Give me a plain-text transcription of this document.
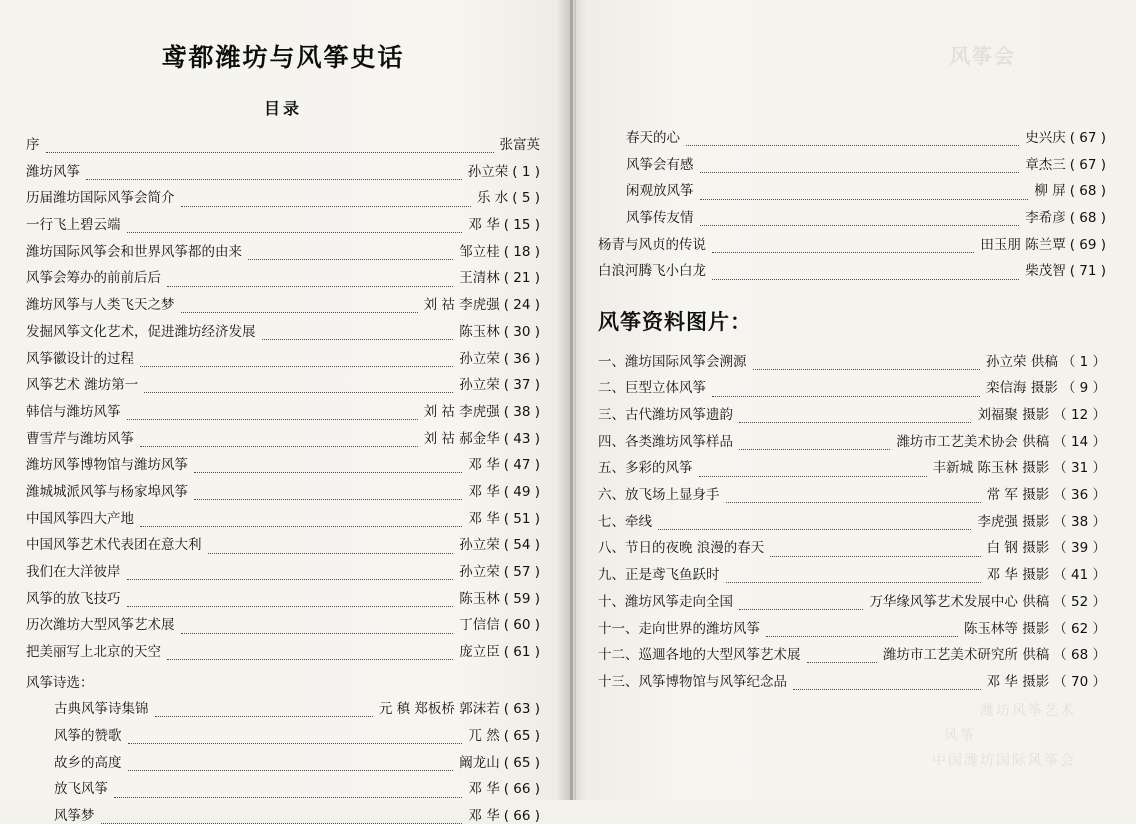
鸢都潍坊与风筝史话
目录
序	张富英
潍坊风筝	孙立荣 ( 1 )
历届潍坊国际风筝会简介	乐 水 ( 5 )
一行飞上碧云端	邓 华 ( 15 )
潍坊国际风筝会和世界风筝都的由来	邹立桂 ( 18 )
风筝会筹办的前前后后	王清林 ( 21 )
潍坊风筝与人类飞天之梦	刘 祜 李虎强 ( 24 )
发掘风筝文化艺术，促进潍坊经济发展	陈玉林 ( 30 )
风筝徽设计的过程	孙立荣 ( 36 )
风筝艺术 潍坊第一	孙立荣 ( 37 )
韩信与潍坊风筝	刘 祜 李虎强 ( 38 )
曹雪芹与潍坊风筝	刘 祜 郝金华 ( 43 )
潍坊风筝博物馆与潍坊风筝	邓 华 ( 47 )
潍城城派风筝与杨家埠风筝	邓 华 ( 49 )
中国风筝四大产地	邓 华 ( 51 )
中国风筝艺术代表团在意大利	孙立荣 ( 54 )
我们在大洋彼岸	孙立荣 ( 57 )
风筝的放飞技巧	陈玉林 ( 59 )
历次潍坊大型风筝艺术展	丁信信 ( 60 )
把美丽写上北京的天空	庞立臣 ( 61 )
风筝诗选：
古典风筝诗集锦	元 稹 郑板桥 郭沫若 ( 63 )
风筝的赞歌	兀 然 ( 65 )
故乡的高度	阚龙山 ( 65 )
放飞风筝	邓 华 ( 66 )
风筝梦	邓 华 ( 66 )
风筝会
潍坊风筝艺术
风筝
中国潍坊国际风筝会
春天的心	史兴庆 ( 67 )
风筝会有感	章杰三 ( 67 )
闲观放风筝	柳 屏 ( 68 )
风筝传友情	李希彦 ( 68 )
杨青与风贞的传说	田玉朋 陈兰覃 ( 69 )
白浪河腾飞小白龙	柴茂智 ( 71 )
风筝资料图片：
一、潍坊国际风筝会溯源	孙立荣 供稿 （ 1 ）
二、巨型立体风筝	栾信海 摄影 （ 9 ）
三、古代潍坊风筝遗韵	刘福聚 摄影 （ 12 ）
四、各类潍坊风筝样品	潍坊市工艺美术协会 供稿 （ 14 ）
五、多彩的风筝	丰新城 陈玉林 摄影 （ 31 ）
六、放飞场上显身手	常 军 摄影 （ 36 ）
七、牵线	李虎强 摄影 （ 38 ）
八、节日的夜晚 浪漫的春天	白 钢 摄影 （ 39 ）
九、正是鸢飞鱼跃时	邓 华 摄影 （ 41 ）
十、潍坊风筝走向全国	万华缘风筝艺术发展中心 供稿 （ 52 ）
十一、走向世界的潍坊风筝	陈玉林等 摄影 （ 62 ）
十二、巡逥各地的大型风筝艺术展	潍坊市工艺美术研究所 供稿 （ 68 ）
十三、风筝博物馆与风筝纪念品	邓 华 摄影 （ 70 ）
